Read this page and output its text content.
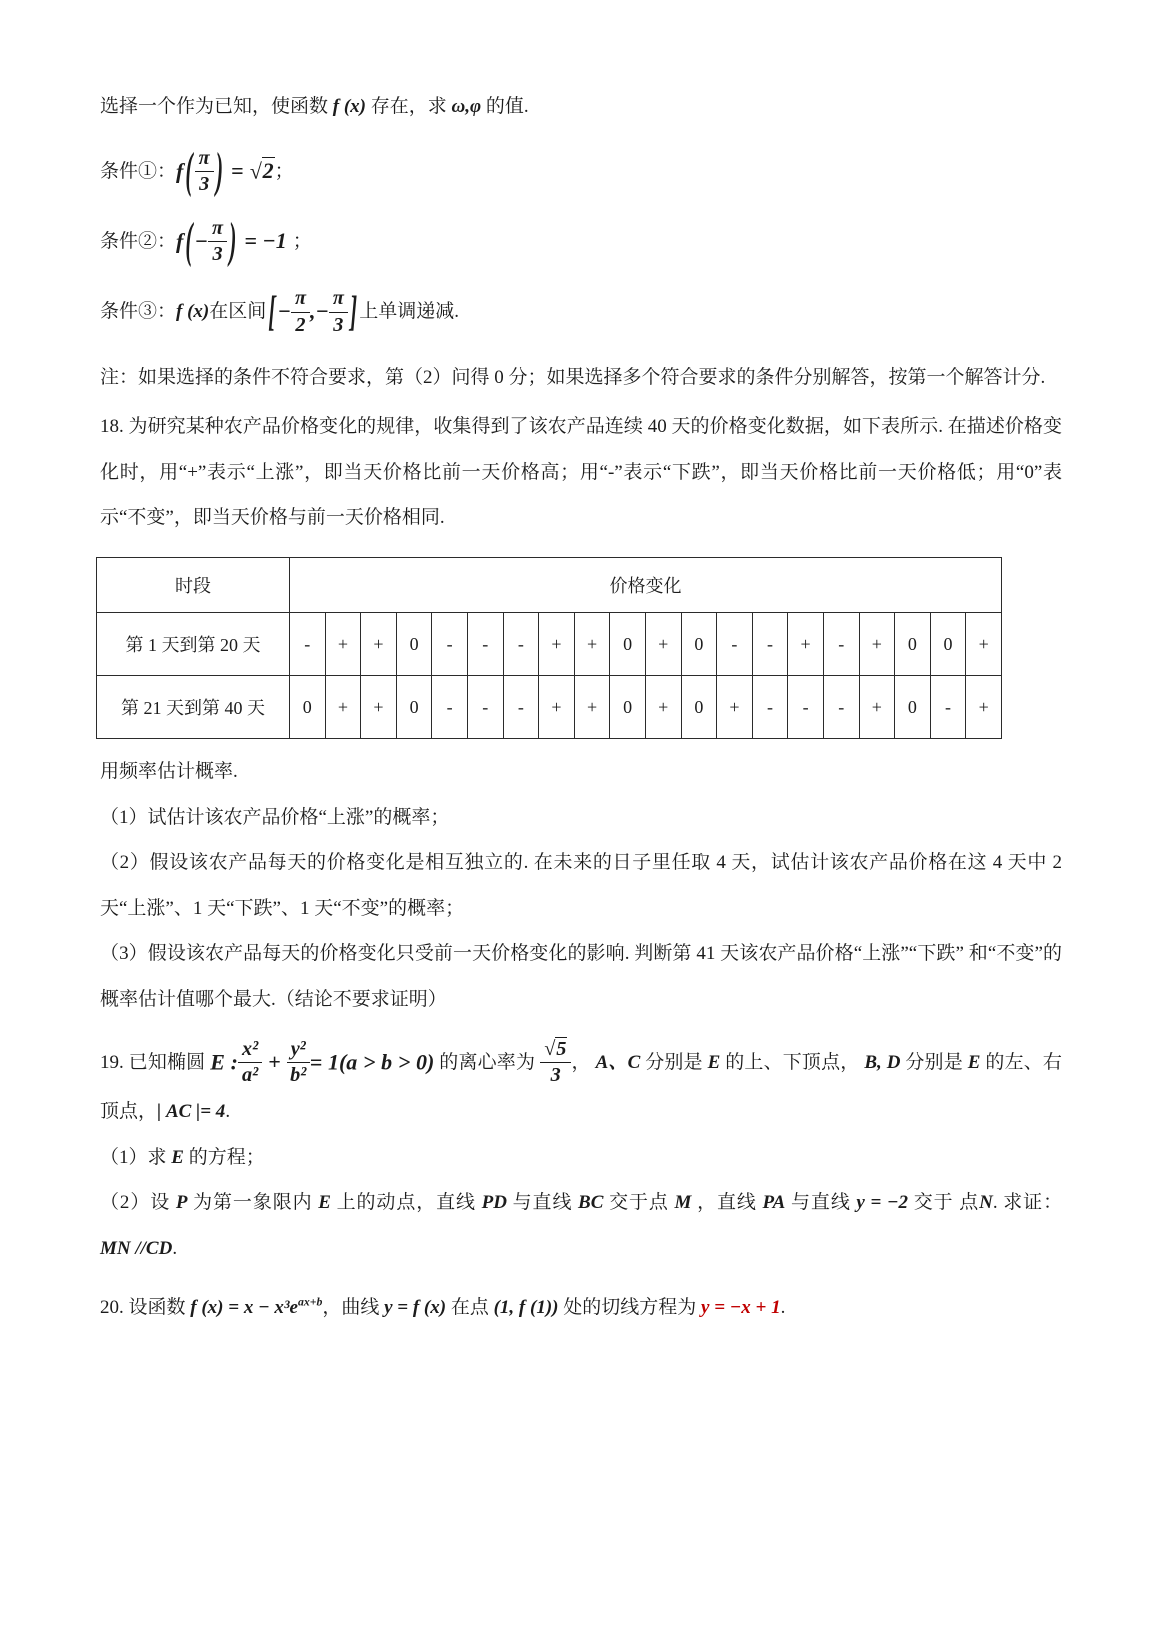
选择一个作为已知，使函数 f (x) 存在，求 ω,φ 的值.

条件①：$f( \frac{\pi}{3}$ ) = √2；

条件②：$f(- \frac{\pi}{3}$ ) = −1 ；

条件③：f (x)在区间[− $\frac{\pi}{2}$ ,− $\frac{\pi}{3}$ ] 上单调递减.

注：如果选择的条件不符合要求，第（2）问得 0 分；如果选择多个符合要求的条件分别解答，按第一个解答计分.

18. 为研究某种农产品价格变化的规律，收集得到了该农产品连续 40 天的价格变化数据，如下表所示. 在描述价格变化时，用“+”表示“上涨”，即当天价格比前一天价格高；用“-”表示“下跌”，即当天价格比前一天价格低；用“0”表示“不变”，即当天价格与前一天价格相同.

时段	价格变化																			
第 1 天到第 20 天	-	+	+	0	-	-	-	+	+	0	+	0	-	-	+	-	+	0	0	+
第 21 天到第 40 天	0	+	+	0	-	-	-	+	+	0	+	0	+	-	-	-	+	0	-	+

用频率估计概率.

（1）试估计该农产品价格“上涨”的概率；

（2）假设该农产品每天的价格变化是相互独立的. 在未来的日子里任取 4 天，试估计该农产品价格在这 4 天中 2 天“上涨”、1 天“下跌”、1 天“不变”的概率；

（3）假设该农产品每天的价格变化只受前一天价格变化的影响. 判断第 41 天该农产品价格“上涨”“下跌” 和“不变”的概率估计值哪个最大.（结论不要求证明）

19. 已知椭圆 E : $\frac{\text{x²}}{\text{a²}} + \frac{\text{y²}}{\text{b²}} = 1(a > b > 0)$ 的离心率为 $\frac{√5}{3}$ ， A、C 分别是 E 的上、下顶点， B, D 分别是 E 的左、右顶点，| AC |= 4.

（1）求 E 的方程；

（2）设 P 为第一象限内 E 上的动点，直线 PD 与直线 BC 交于点 M ，直线 PA 与直线 y = −2 交于 点N. 求证：MN //CD.

20. 设函数 f $(x) = x - x^3e^{ax+b}$，曲线 y = f (x) 在点 (1, f (1)) 处的切线方程为 y = −x + 1.
